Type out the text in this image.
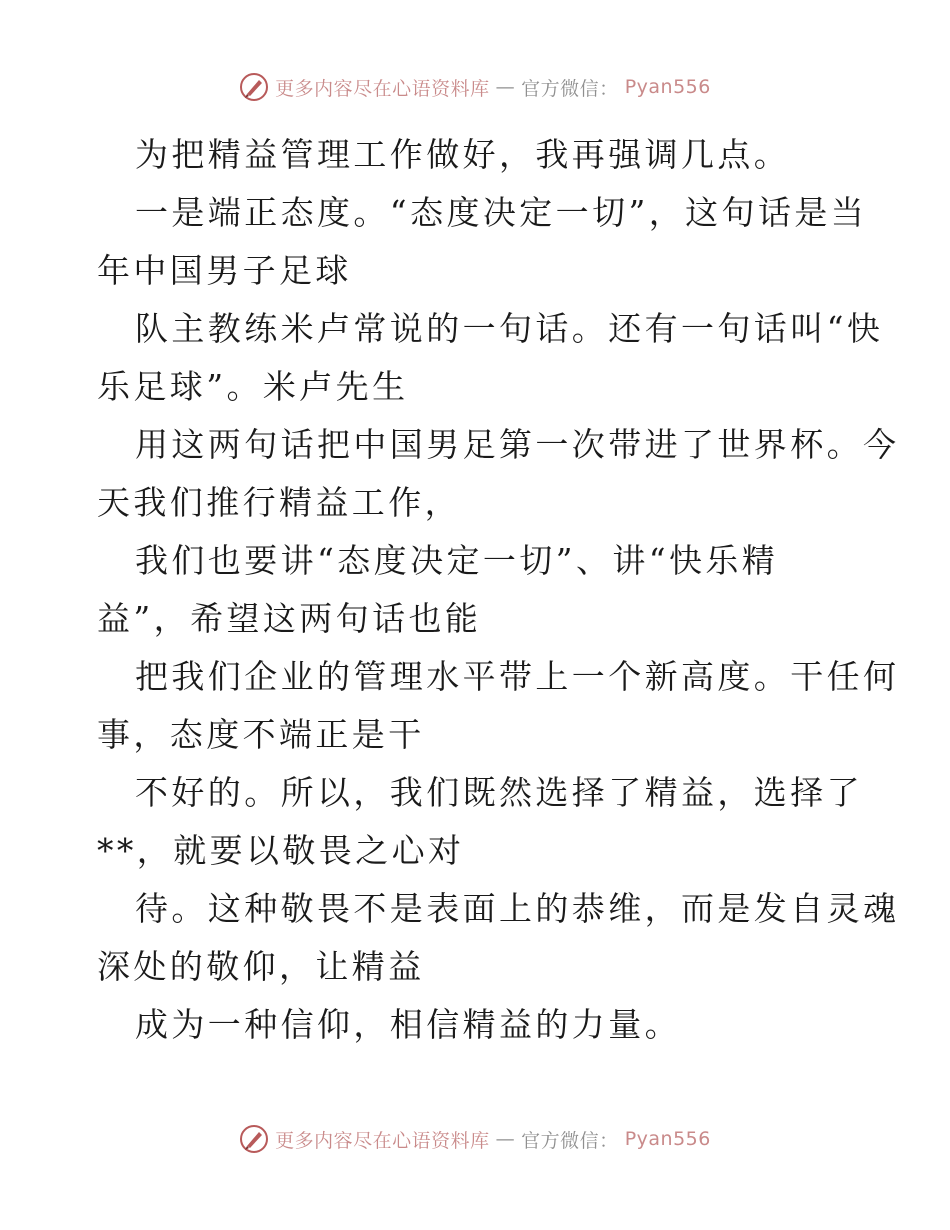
更多内容尽在心语资料库 — 官方微信： Pyan556
为把精益管理工作做好，我再强调几点。
一是端正态度。“态度决定一切”，这句话是当
年中国男子足球
队主教练米卢常说的一句话。还有一句话叫“快
乐足球”。米卢先生
用这两句话把中国男足第一次带进了世界杯。今
天我们推行精益工作，
我们也要讲“态度决定一切”、讲“快乐精
益”，希望这两句话也能
把我们企业的管理水平带上一个新高度。干任何
事，态度不端正是干
不好的。所以，我们既然选择了精益，选择了
**，就要以敬畏之心对
待。这种敬畏不是表面上的恭维，而是发自灵魂
深处的敬仰，让精益
成为一种信仰，相信精益的力量。
更多内容尽在心语资料库 — 官方微信： Pyan556
